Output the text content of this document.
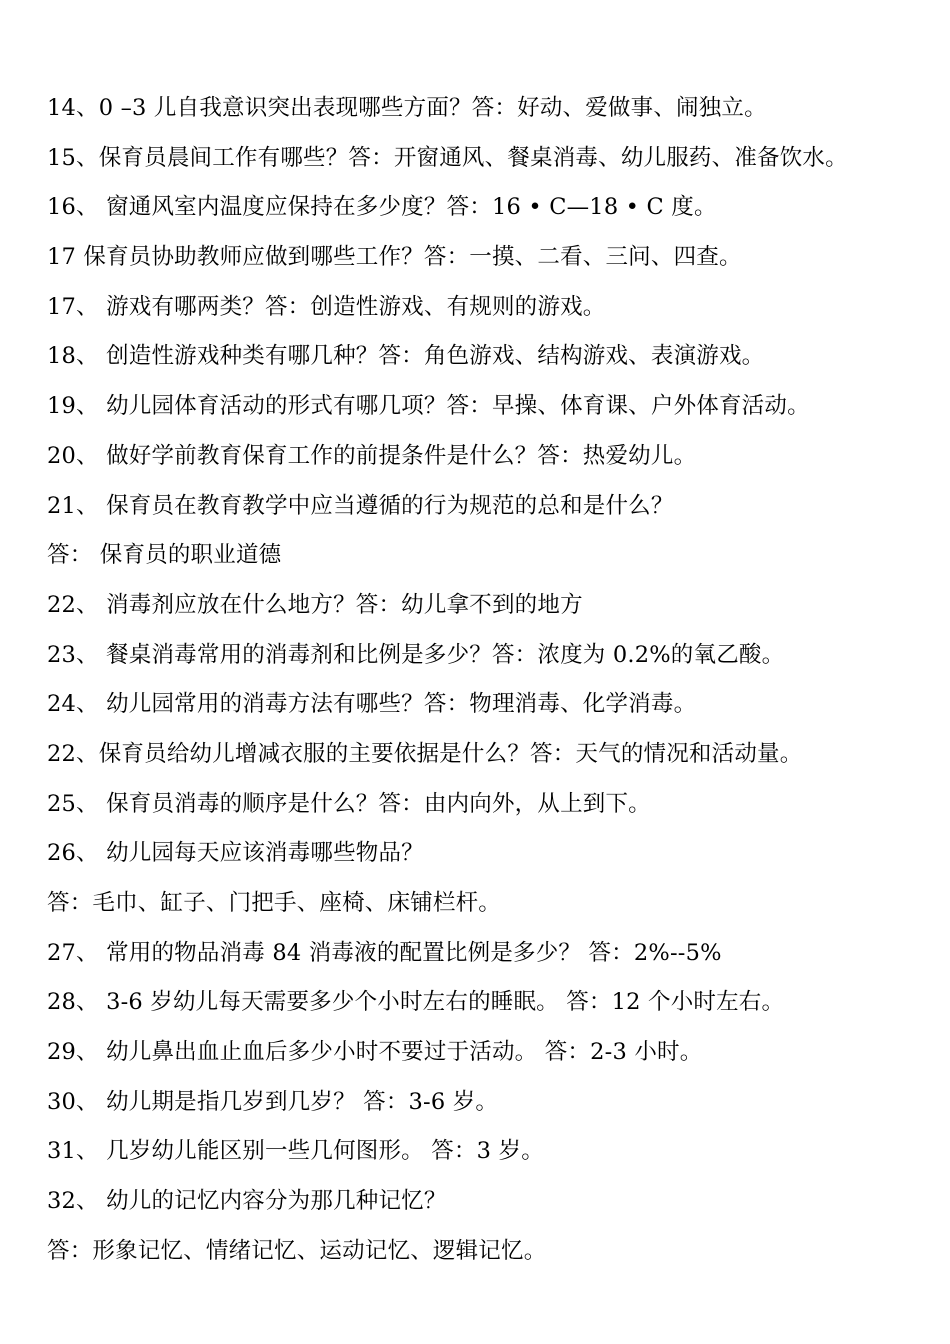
14、0 –3 儿自我意识突出表现哪些方面？答：好动、爱做事、闹独立。
15、保育员晨间工作有哪些？答：开窗通风、餐桌消毒、幼儿服药、准备饮水。
16、 窗通风室内温度应保持在多少度？答：16 • C—18 • C 度。
17 保育员协助教师应做到哪些工作？答：一摸、二看、三问、四查。
17、 游戏有哪两类？答：创造性游戏、有规则的游戏。
18、 创造性游戏种类有哪几种？答：角色游戏、结构游戏、表演游戏。
19、 幼儿园体育活动的形式有哪几项？答：早操、体育课、户外体育活动。
20、 做好学前教育保育工作的前提条件是什么？答：热爱幼儿。
21、 保育员在教育教学中应当遵循的行为规范的总和是什么？
答： 保育员的职业道德
22、 消毒剂应放在什么地方？答：幼儿拿不到的地方
23、 餐桌消毒常用的消毒剂和比例是多少？答：浓度为 0.2%的氧乙酸。
24、 幼儿园常用的消毒方法有哪些？答：物理消毒、化学消毒。
22、保育员给幼儿增减衣服的主要依据是什么？答：天气的情况和活动量。
25、 保育员消毒的顺序是什么？答：由内向外，从上到下。
26、 幼儿园每天应该消毒哪些物品？
答：毛巾、缸子、门把手、座椅、床铺栏杆。
27、 常用的物品消毒 84 消毒液的配置比例是多少？ 答：2%--5%
28、 3-6 岁幼儿每天需要多少个小时左右的睡眠。 答：12 个小时左右。
29、 幼儿鼻出血止血后多少小时不要过于活动。 答：2-3 小时。
30、 幼儿期是指几岁到几岁？ 答：3-6 岁。
31、 几岁幼儿能区别一些几何图形。 答：3 岁。
32、 幼儿的记忆内容分为那几种记忆？
答：形象记忆、情绪记忆、运动记忆、逻辑记忆。
